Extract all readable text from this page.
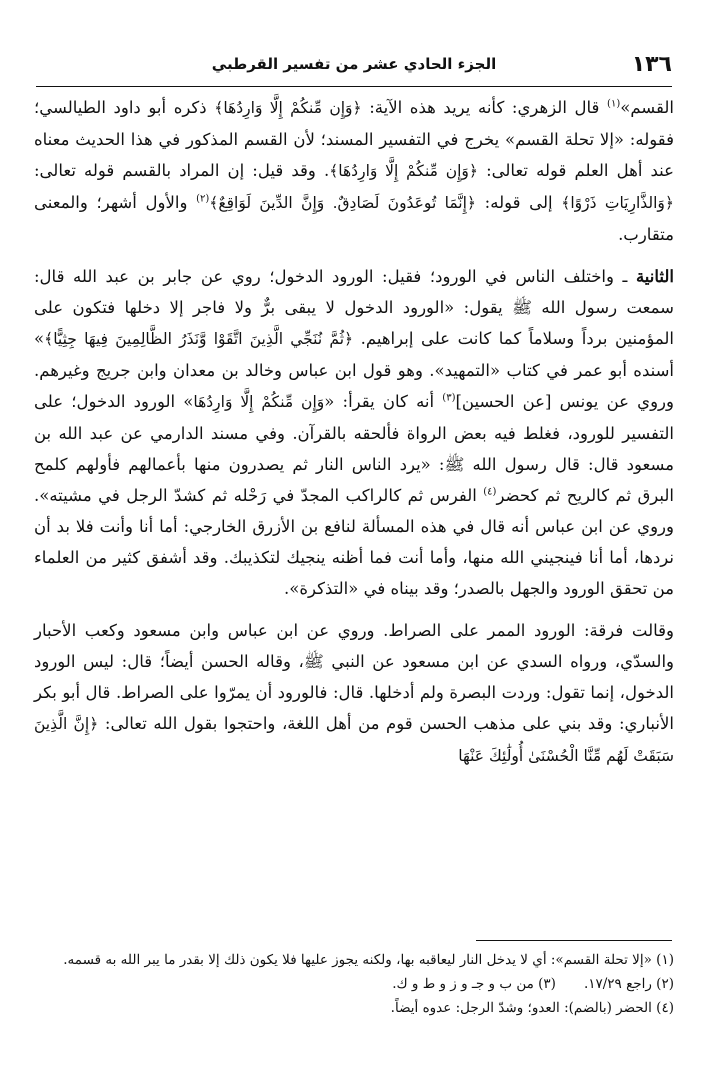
١٣٦
الجزء الحادي عشر من تفسير القرطبي

القسم»$^{(١)}$ قال الزهري: كأنه يريد هذه الآية: ﴿وَإِن مِّنكُمْ إِلَّا وَارِدُهَا﴾ ذكره أبو داود الطيالسي؛ فقوله: «إلا تحلة القسم» يخرج في التفسير المسند؛ لأن القسم المذكور في هذا الحديث معناه عند أهل العلم قوله تعالى: ﴿وَإِن مِّنكُمْ إِلَّا وَارِدُهَا﴾. وقد قيل: إن المراد بالقسم قوله تعالى: ﴿وَالذَّارِيَاتِ ذَرْوًا﴾ إلى قوله: ﴿إِنَّمَا تُوعَدُونَ لَصَادِقٌ. وَإِنَّ الدِّينَ لَوَاقِعٌ﴾$^{(٢)}$ والأول أشهر؛ والمعنى متقارب.

الثانية ـ واختلف الناس في الورود؛ فقيل: الورود الدخول؛ روي عن جابر بن عبد الله قال: سمعت رسول الله ﷺ يقول: «الورود الدخول لا يبقى برٌّ ولا فاجر إلا دخلها فتكون على المؤمنين برداً وسلاماً كما كانت على إبراهيم. ﴿ثُمَّ نُنَجِّي الَّذِينَ اتَّقَوْا وَّنَذَرُ الظَّالِمِينَ فِيهَا جِثِيًّا﴾» أسنده أبو عمر في كتاب «التمهيد». وهو قول ابن عباس وخالد بن معدان وابن جريج وغيرهم. وروي عن يونس [عن الحسين]$^{(٣)}$ أنه كان يقرأ: «وَإِن مِّنكُمْ إِلَّا وَارِدُهَا» الورود الدخول؛ على التفسير للورود، فغلط فيه بعض الرواة فألحقه بالقرآن. وفي مسند الدارمي عن عبد الله بن مسعود قال: قال رسول الله ﷺ: «يرد الناس النار ثم يصدرون منها بأعمالهم فأولهم كلمح البرق ثم كالريح ثم كحضر$^{(٤)}$ الفرس ثم كالراكب المجدّ في رَحْله ثم كشدّ الرجل في مشيته». وروي عن ابن عباس أنه قال في هذه المسألة لنافع بن الأزرق الخارجي: أما أنا وأنت فلا بد أن نردها، أما أنا فينجيني الله منها، وأما أنت فما أظنه ينجيك لتكذيبك. وقد أشفق كثير من العلماء من تحقق الورود والجهل بالصدر؛ وقد بيناه في «التذكرة».

وقالت فرقة: الورود الممر على الصراط. وروي عن ابن عباس وابن مسعود وكعب الأحبار والسدّي، ورواه السدي عن ابن مسعود عن النبي ﷺ، وقاله الحسن أيضاً؛ قال: ليس الورود الدخول، إنما تقول: وردت البصرة ولم أدخلها. قال: فالورود أن يمرّوا على الصراط. قال أبو بكر الأنباري: وقد بني على مذهب الحسن قوم من أهل اللغة، واحتجوا بقول الله تعالى: ﴿إِنَّ الَّذِينَ سَبَقَتْ لَهُم مِّنَّا الْحُسْنَىٰ أُولَٰئِكَ عَنْهَا

(١) «إلا تحلة القسم»: أي لا يدخل النار ليعاقبه بها، ولكنه يجوز عليها فلا يكون ذلك إلا بقدر ما يبر الله به قسمه.

(٢) راجع ١٧/٢٩.
(٣) من ب و جـ و ز و ط و ك.

(٤) الحضر (بالضم): العدو؛ وشدّ الرجل: عدوه أيضاً.
